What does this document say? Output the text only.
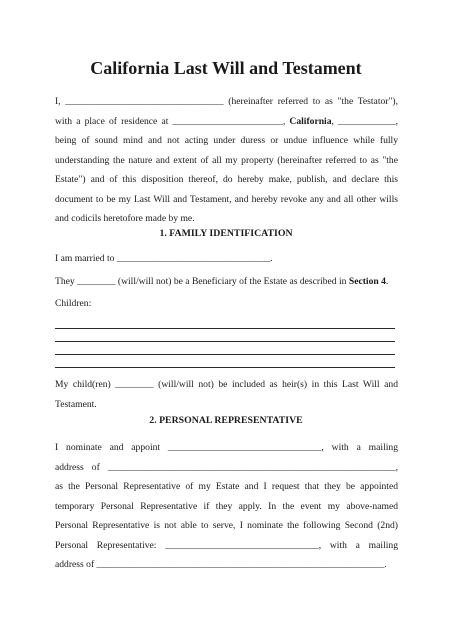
California Last Will and Testament
I, _________________________________ (hereinafter referred to as "the Testator"),
with a place of residence at _______________________, California, ____________,
being of sound mind and not acting under duress or undue influence while fully
understanding the nature and extent of all my property (hereinafter referred to as "the
Estate") and of this disposition thereof, do hereby make, publish, and declare this
document to be my Last Will and Testament, and hereby revoke any and all other wills
and codicils heretofore made by me.
1. FAMILY IDENTIFICATION
I am married to ________________________________.
They ________ (will/will not) be a Beneficiary of the Estate as described in Section 4.
Children:
My child(ren) ________ (will/will not) be included as heir(s) in this Last Will and
Testament.
2. PERSONAL REPRESENTATIVE
I nominate and appoint ________________________________, with a mailing
address of ____________________________________________________________,
as the Personal Representative of my Estate and I request that they be appointed
temporary Personal Representative if they apply. In the event my above-named
Personal Representative is not able to serve, I nominate the following Second (2nd)
Personal Representative: ________________________________, with a mailing
address of ____________________________________________________________.
